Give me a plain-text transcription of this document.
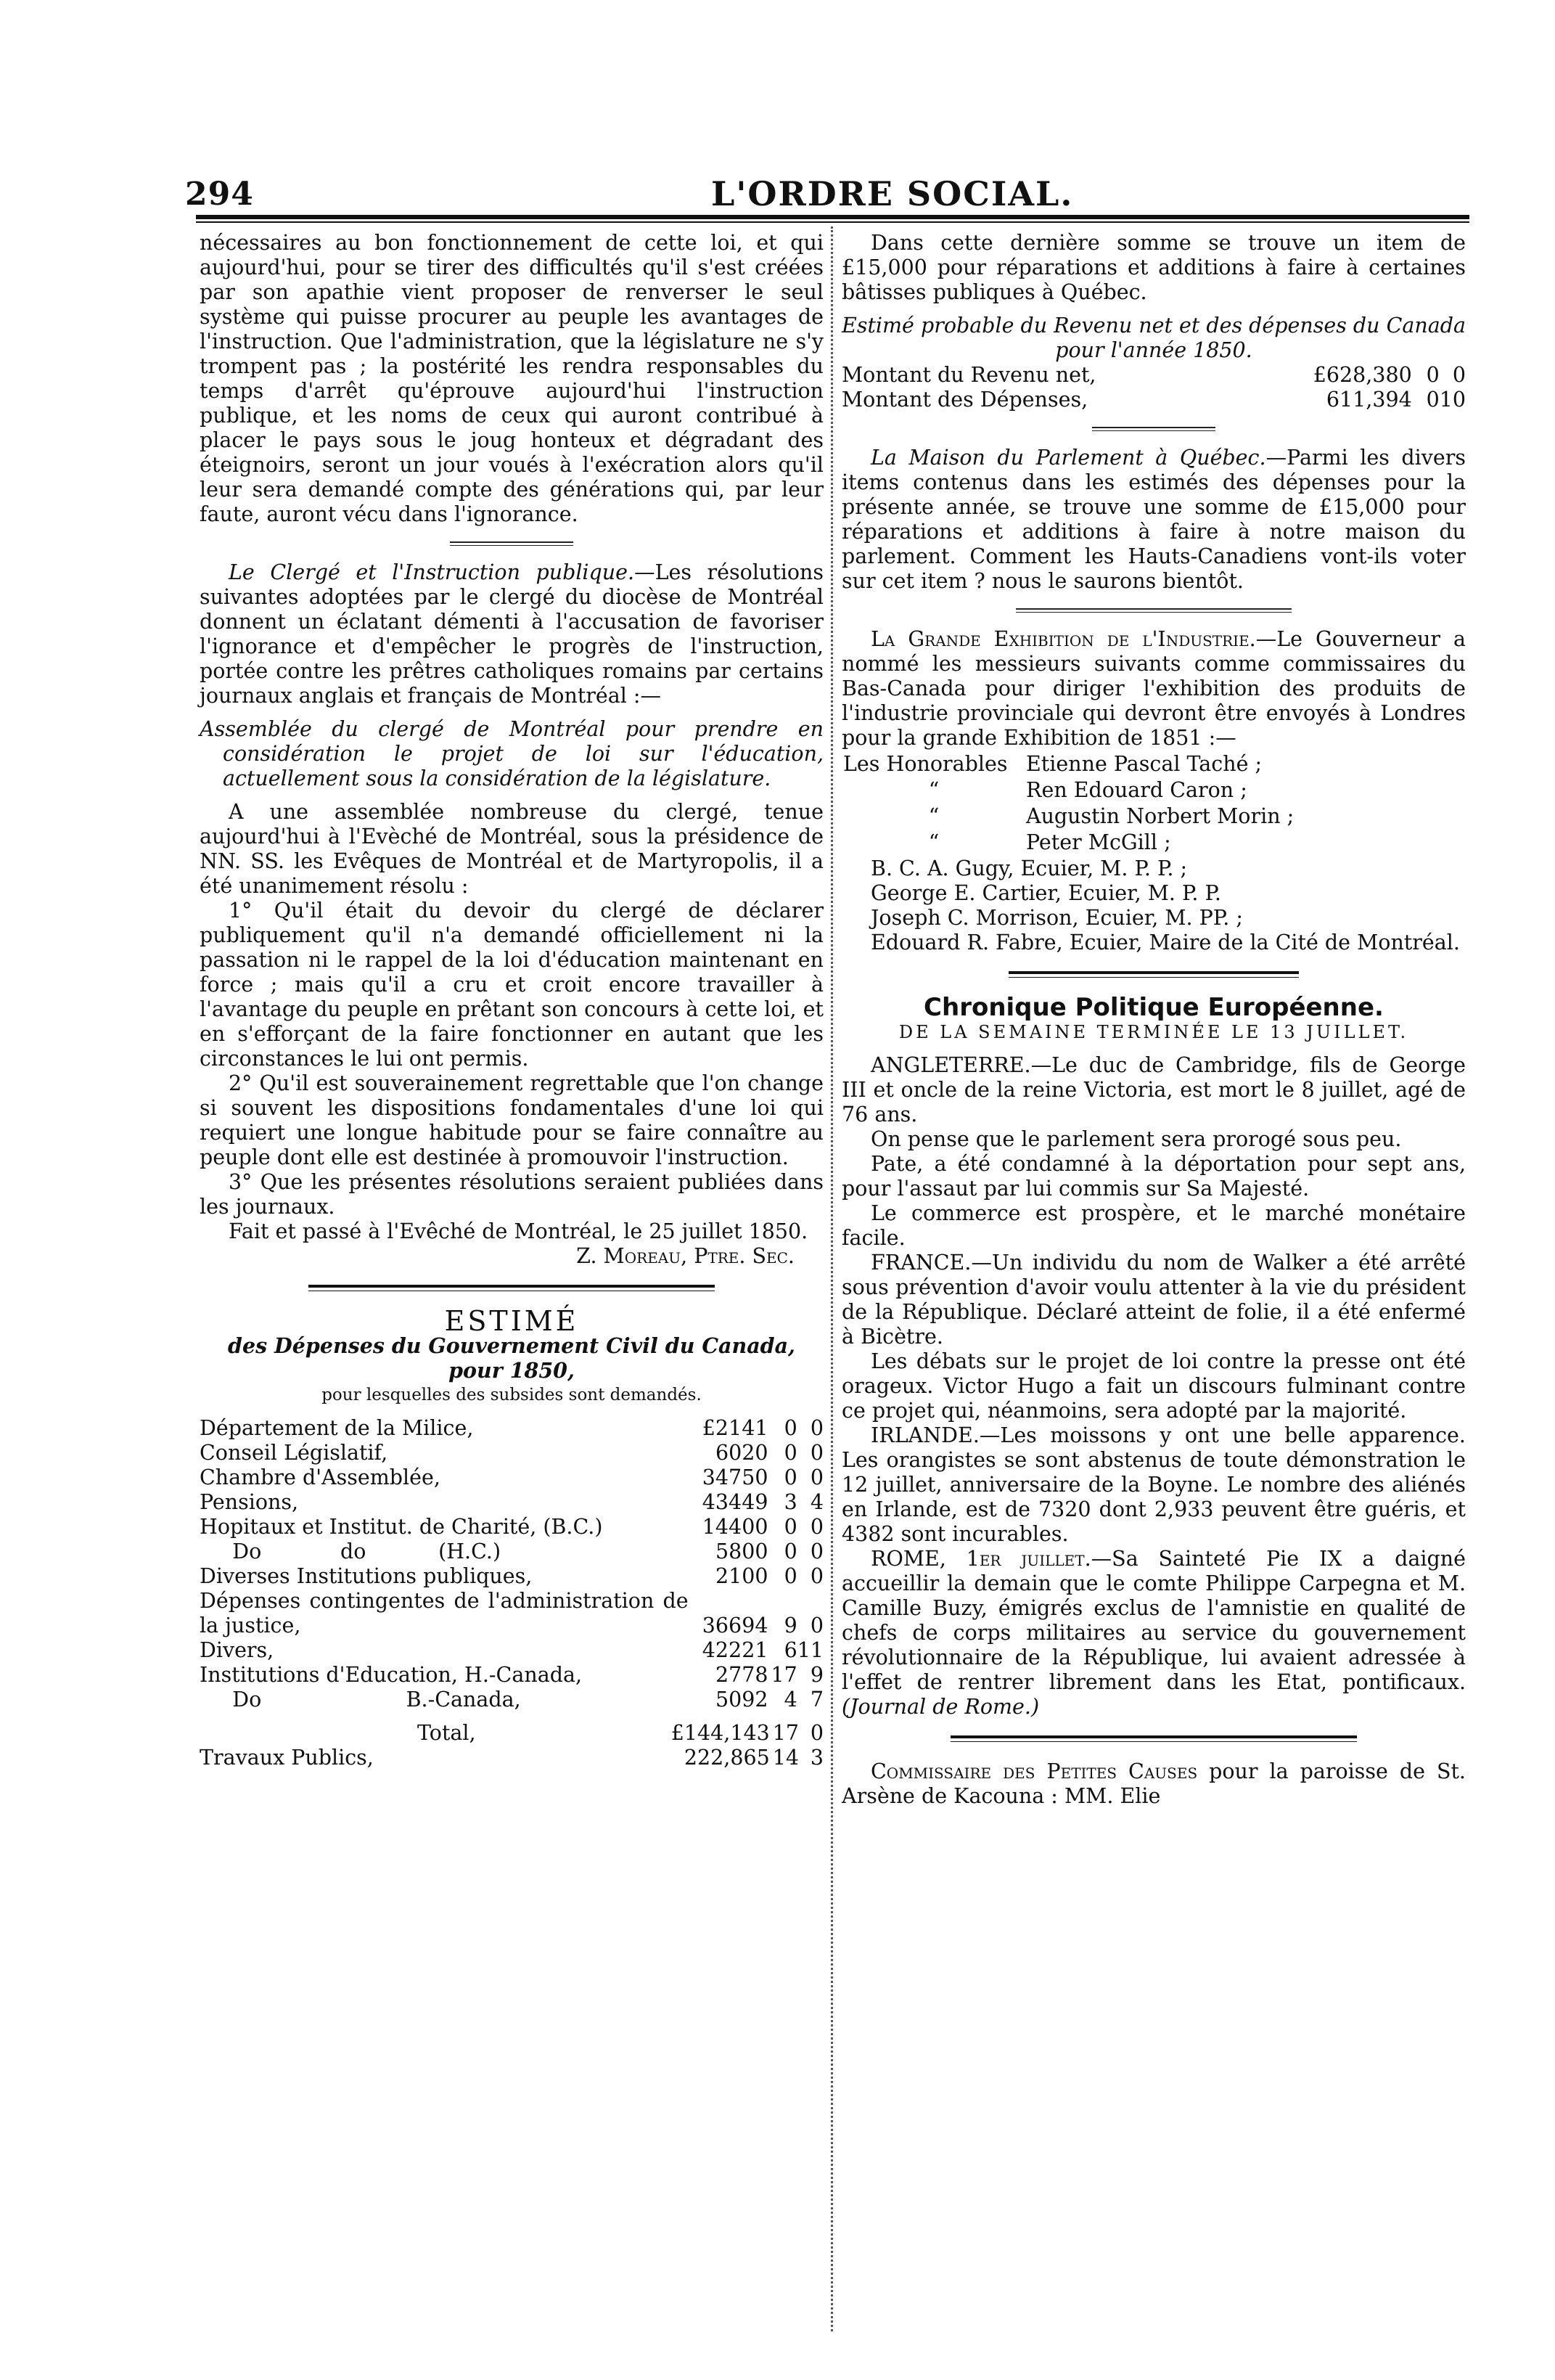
294	L'ORDRE SOCIAL.

nécessaires au bon fonctionnement de cette loi, et qui aujourd'hui, pour se tirer des difficultés qu'il s'est créées par son apathie vient proposer de renverser le seul système qui puisse procurer au peuple les avantages de l'instruction. Que l'administration, que la législature ne s'y trompent pas ; la postérité les rendra responsables du temps d'arrêt qu'éprouve aujourd'hui l'instruction publique, et les noms de ceux qui auront contribué à placer le pays sous le joug honteux et dégradant des éteignoirs, seront un jour voués à l'exécration alors qu'il leur sera demandé compte des générations qui, par leur faute, auront vécu dans l'ignorance.

Le Clergé et l'Instruction publique.—Les résolutions suivantes adoptées par le clergé du diocèse de Montréal donnent un éclatant démenti à l'accusation de favoriser l'ignorance et d'empêcher le progrès de l'instruction, portée contre les prêtres catholiques romains par certains journaux anglais et français de Montréal :—

Assemblée du clergé de Montréal pour prendre en considération le projet de loi sur l'éducation, actuellement sous la considération de la législature.

A une assemblée nombreuse du clergé, tenue aujourd'hui à l'Evèché de Montréal, sous la présidence de NN. SS. les Evêques de Montréal et de Martyropolis, il a été unanimement résolu :

1° Qu'il était du devoir du clergé de déclarer publiquement qu'il n'a demandé officiellement ni la passation ni le rappel de la loi d'éducation maintenant en force ; mais qu'il a cru et croit encore travailler à l'avantage du peuple en prêtant son concours à cette loi, et en s'efforçant de la faire fonctionner en autant que les circonstances le lui ont permis.

2° Qu'il est souverainement regrettable que l'on change si souvent les dispositions fondamentales d'une loi qui requiert une longue habitude pour se faire connaître au peuple dont elle est destinée à promouvoir l'instruction.

3° Que les présentes résolutions seraient publiées dans les journaux.

Fait et passé à l'Evêché de Montréal, le 25 juillet 1850.

Z. Moreau, Ptre. Sec.

ESTIMÉ

des Dépenses du Gouvernement Civil du Canada, pour 1850,

pour lesquelles des subsides sont demandés.

Département de la Milice,	£2141	0	0
Conseil Législatif,	6020	0	0
Chambre d'Assemblée,	34750	0	0
Pensions,	43449	3	4
Hopitaux et Institut. de Charité, (B.C.)	14400	0	0
Do            do           (H.C.)	5800	0	0
Diverses Institutions publiques,	2100	0	0
Dépenses contingentes de l'administration de la justice,	36694	9	0
Divers,	42221	6	11
Institutions d'Education, H.-Canada,	2778	17	9
Do                      B.-Canada,	5092	4	7
Total,	£144,143	17	0
Travaux Publics,	222,865	14	3

Dans cette dernière somme se trouve un item de £15,000 pour réparations et additions à faire à certaines bâtisses publiques à Québec.

Estimé probable du Revenu net et des dépenses du Canada pour l'année 1850.

Montant du Revenu net,	£628,380	0	0
Montant des Dépenses,	611,394	0	10

La Maison du Parlement à Québec.—Parmi les divers items contenus dans les estimés des dépenses pour la présente année, se trouve une somme de £15,000 pour réparations et additions à faire à notre maison du parlement. Comment les Hauts-Canadiens vont-ils voter sur cet item ? nous le saurons bientôt.

La Grande Exhibition de l'Industrie.—Le Gouverneur a nommé les messieurs suivants comme commissaires du Bas-Canada pour diriger l'exhibition des produits de l'industrie provinciale qui devront être envoyés à Londres pour la grande Exhibition de 1851 :—

Les Honorables	Etienne Pascal Taché ;
“	Ren Edouard Caron ;
“	Augustin Norbert Morin ;
“	Peter McGill ;

B. C. A. Gugy, Ecuier, M. P. P. ;

George E. Cartier, Ecuier, M. P. P.

Joseph C. Morrison, Ecuier, M. PP. ;

Edouard R. Fabre, Ecuier, Maire de la Cité de Montréal.

Chronique Politique Européenne.

DE LA SEMAINE TERMINÉE LE 13 JUILLET.

ANGLETERRE.—Le duc de Cambridge, fils de George III et oncle de la reine Victoria, est mort le 8 juillet, agé de 76 ans.

On pense que le parlement sera prorogé sous peu.

Pate, a été condamné à la déportation pour sept ans, pour l'assaut par lui commis sur Sa Majesté.

Le commerce est prospère, et le marché monétaire facile.

FRANCE.—Un individu du nom de Walker a été arrêté sous prévention d'avoir voulu attenter à la vie du président de la République. Déclaré atteint de folie, il a été enfermé à Bicètre.

Les débats sur le projet de loi contre la presse ont été orageux. Victor Hugo a fait un discours fulminant contre ce projet qui, néanmoins, sera adopté par la majorité.

IRLANDE.—Les moissons y ont une belle apparence. Les orangistes se sont abstenus de toute démonstration le 12 juillet, anniversaire de la Boyne. Le nombre des aliénés en Irlande, est de 7320 dont 2,933 peuvent être guéris, et 4382 sont incurables.

ROME, 1er juillet.—Sa Sainteté Pie IX a daigné accueillir la demain que le comte Philippe Carpegna et M. Camille Buzy, émigrés exclus de l'amnistie en qualité de chefs de corps militaires au service du gouvernement révolutionnaire de la République, lui avaient adressée à l'effet de rentrer librement dans les Etat, pontificaux. (Journal de Rome.)

Commissaire des Petites Causes pour la paroisse de St. Arsène de Kacouna : MM. Elie
